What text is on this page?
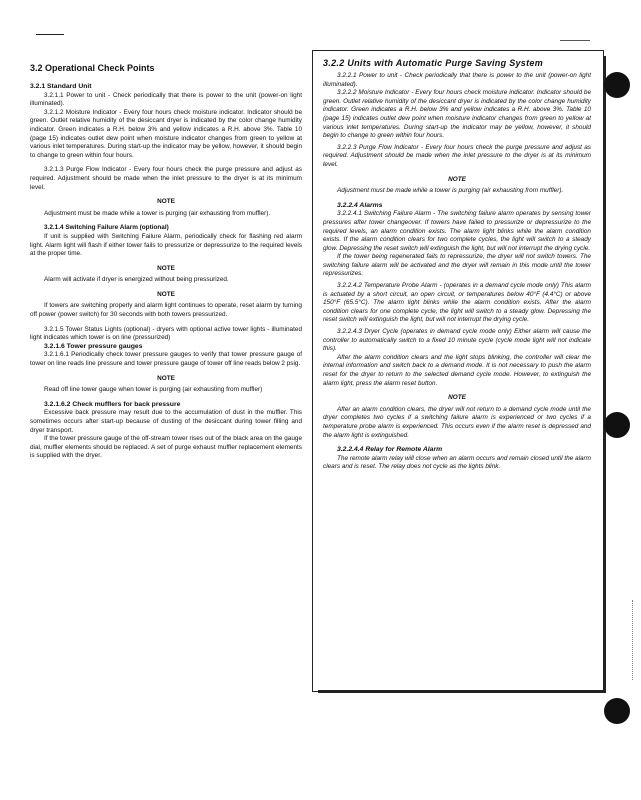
3.2 Operational Check Points
3.2.1 Standard Unit

3.2.1.1 Power to unit - Check periodically that there is power to the unit (power-on light illuminated).

3.2.1.2 Moisture Indicator - Every four hours check moisture indicator. Indicator should be green. Outlet relative humidity of the desiccant dryer is indicated by the color change humidity indicator. Green indicates a R.H. below 3% and yellow indicates a R.H. above 3%. Table 10 (page 15) indicates outlet dew point when moisture indicator changes from green to yellow at various inlet temperatures. During start-up the indicator may be yellow, however, it should begin to change to green within four hours.

3.2.1.3 Purge Flow Indicator - Every four hours check the purge pressure and adjust as required. Adjustment should be made when the inlet pressure to the dryer is at its minimum level.

NOTE

Adjustment must be made while a tower is purging (air exhausting from muffler).

3.2.1.4 Switching Failure Alarm (optional)

If unit is supplied with Switching Failure Alarm, periodically check for flashing red alarm light. Alarm light will flash if either tower fails to pressurize or depressurize to the required levels at the proper time.

NOTE

Alarm will activate if dryer is energized without being pressurized.

NOTE

If towers are switching properly and alarm light continues to operate, reset alarm by turning off power (power switch) for 30 seconds with both towers pressurized.

3.2.1.5 Tower Status Lights (optional) - dryers with optional active tower lights - illuminated light indicates which tower is on line (pressurized)

3.2.1.6 Tower pressure gauges

3.2.1.6.1 Periodically check tower pressure gauges to verify that tower pressure gauge of tower on line reads line pressure and tower pressure gauge of tower off line reads below 2 psig.

NOTE

Read off line tower gauge when tower is purging (air exhausting from muffler)

3.2.1.6.2 Check mufflers for back pressure

Excessive back pressure may result due to the accumulation of dust in the muffler. This sometimes occurs after start-up because of dusting of the desiccant during tower filling and dryer transport.

If the tower pressure gauge of the off-stream tower rises out of the black area on the gauge dial, muffler elements should be replaced. A set of purge exhaust muffler replacement elements is supplied with the dryer.

3.2.2 Units with Automatic Purge Saving System

3.2.2.1 Power to unit - Check periodically that there is power to the unit (power-on light illuminated).

3.2.2.2 Moisture Indicator - Every four hours check moisture indicator. Indicator should be green. Outlet relative humidity of the desiccant dryer is indicated by the color change humidity indicator. Green indicates a R.H. below 3% and yellow indicates a R.H. above 3%. Table 10 (page 15) indicates outlet dew point when moisture indicator changes from green to yellow at various inlet temperatures. During start-up the indicator may be yellow, however, it should begin to change to green within four hours.

3.2.2.3 Purge Flow Indicator - Every four hours check the purge pressure and adjust as required. Adjustment should be made when the inlet pressure to the dryer is at its minimum level.

NOTE

Adjustment must be made while a tower is purging (air exhausting from muffler).

3.2.2.4 Alarms

3.2.2.4.1 Switching Failure Alarm - The switching failure alarm operates by sensing tower pressures after tower changeover. If towers have failed to pressurize or depressurize to the required levels, an alarm condition exists. The alarm light blinks while the alarm condition exists. If the alarm condition clears for two complete cycles, the light will switch to a steady glow. Depressing the reset switch will extinguish the light, but will not interrupt the drying cycle.

If the tower being regenerated fails to repressurize, the dryer will not switch towers. The switching failure alarm will be activated and the dryer will remain in this mode until the tower repressurizes.

3.2.2.4.2 Temperature Probe Alarm - (operates in a demand cycle mode only) This alarm is actuated by a short circuit, an open circuit, or temperatures below 40°F (4.4°C) or above 150°F (65.5°C). The alarm light blinks while the alarm condition exists. After the alarm condition clears for one complete cycle, the light will switch to a steady glow. Depressing the reset switch will extinguish the light, but will not interrupt the drying cycle.

3.2.2.4.3 Dryer Cycle (operates in demand cycle mode only) Either alarm will cause the controller to automatically switch to a fixed 10 minute cycle (cycle mode light will not indicate this).

After the alarm condition clears and the light stops blinking, the controller will clear the internal information and switch back to a demand mode. It is not necessary to push the alarm reset for the dryer to return to the selected demand cycle mode. However, to extinguish the alarm light, press the alarm reset button.

NOTE

After an alarm condition clears, the dryer will not return to a demand cycle mode until the dryer completes two cycles if a switching failure alarm is experienced or two cycles if a temperature probe alarm is experienced. This occurs even if the alarm reset is depressed and the alarm light is extinguished.

3.2.2.4.4 Relay for Remote Alarm

The remote alarm relay will close when an alarm occurs and remain closed until the alarm clears and is reset. The relay does not cycle as the lights blink.
